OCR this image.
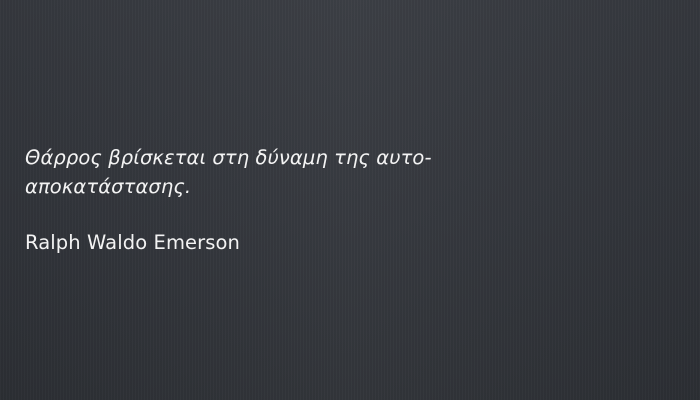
Θάρρος βρίσκεται στη δύναμη της αυτο-
αποκατάστασης.

Ralph Waldo Emerson
